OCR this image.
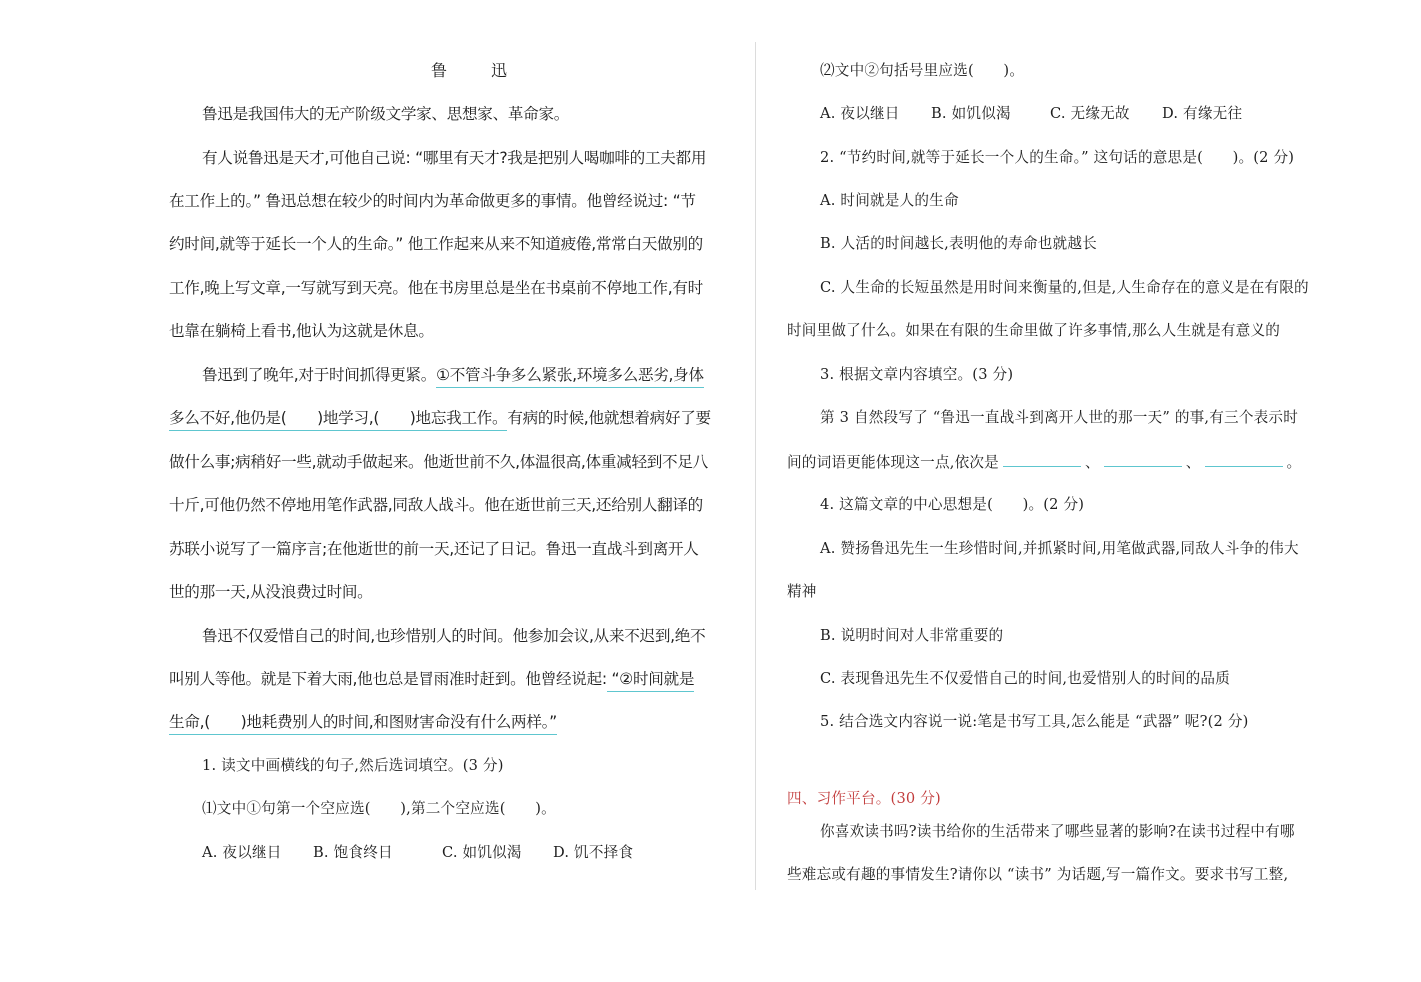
鲁	迅
鲁迅是我国伟大的无产阶级文学家、思想家、革命家。
有人说鲁迅是天才,可他自己说: “哪里有天才?我是把别人喝咖啡的工夫都用
在工作上的。” 鲁迅总想在较少的时间内为革命做更多的事情。他曾经说过: “节
约时间,就等于延长一个人的生命。” 他工作起来从来不知道疲倦,常常白天做别的
工作,晚上写文章,一写就写到天亮。他在书房里总是坐在书桌前不停地工作,有时
也靠在躺椅上看书,他认为这就是休息。
鲁迅到了晚年,对于时间抓得更紧。①不管斗争多么紧张,环境多么恶劣,身体
多么不好,他仍是(　　)地学习,(　　)地忘我工作。有病的时候,他就想着病好了要
做什么事;病稍好一些,就动手做起来。他逝世前不久,体温很高,体重减轻到不足八
十斤,可他仍然不停地用笔作武器,同敌人战斗。他在逝世前三天,还给别人翻译的
苏联小说写了一篇序言;在他逝世的前一天,还记了日记。鲁迅一直战斗到离开人
世的那一天,从没浪费过时间。
鲁迅不仅爱惜自己的时间,也珍惜别人的时间。他参加会议,从来不迟到,绝不
叫别人等他。就是下着大雨,他也总是冒雨准时赶到。他曾经说起: “②时间就是
生命,(　　)地耗费别人的时间,和图财害命没有什么两样。”
1. 读文中画横线的句子,然后选词填空。(3 分)
⑴文中①句第一个空应选(　　),第二个空应选(　　)。
A. 夜以继日 B. 饱食终日	C. 如饥似渴 D. 饥不择食
⑵文中②句括号里应选(　　)。
A. 夜以继日 B. 如饥似渴	C. 无缘无故 D. 有缘无往
2. “节约时间,就等于延长一个人的生命。” 这句话的意思是(　　)。(2 分)
A. 时间就是人的生命
B. 人活的时间越长,表明他的寿命也就越长
C. 人生命的长短虽然是用时间来衡量的,但是,人生命存在的意义是在有限的
时间里做了什么。如果在有限的生命里做了许多事情,那么人生就是有意义的
3. 根据文章内容填空。(3 分)
第 3 自然段写了 “鲁迅一直战斗到离开人世的那一天” 的事,有三个表示时
间的词语更能体现这一点,依次是	、	、	。
4. 这篇文章的中心思想是(　　)。(2 分)
A. 赞扬鲁迅先生一生珍惜时间,并抓紧时间,用笔做武器,同敌人斗争的伟大
精神
B. 说明时间对人非常重要的
C. 表现鲁迅先生不仅爱惜自己的时间,也爱惜别人的时间的品质
5. 结合选文内容说一说:笔是书写工具,怎么能是 “武器” 呢?(2 分)
四、习作平台。(30 分)
你喜欢读书吗?读书给你的生活带来了哪些显著的影响?在读书过程中有哪
些难忘或有趣的事情发生?请你以 “读书” 为话题,写一篇作文。要求书写工整,
